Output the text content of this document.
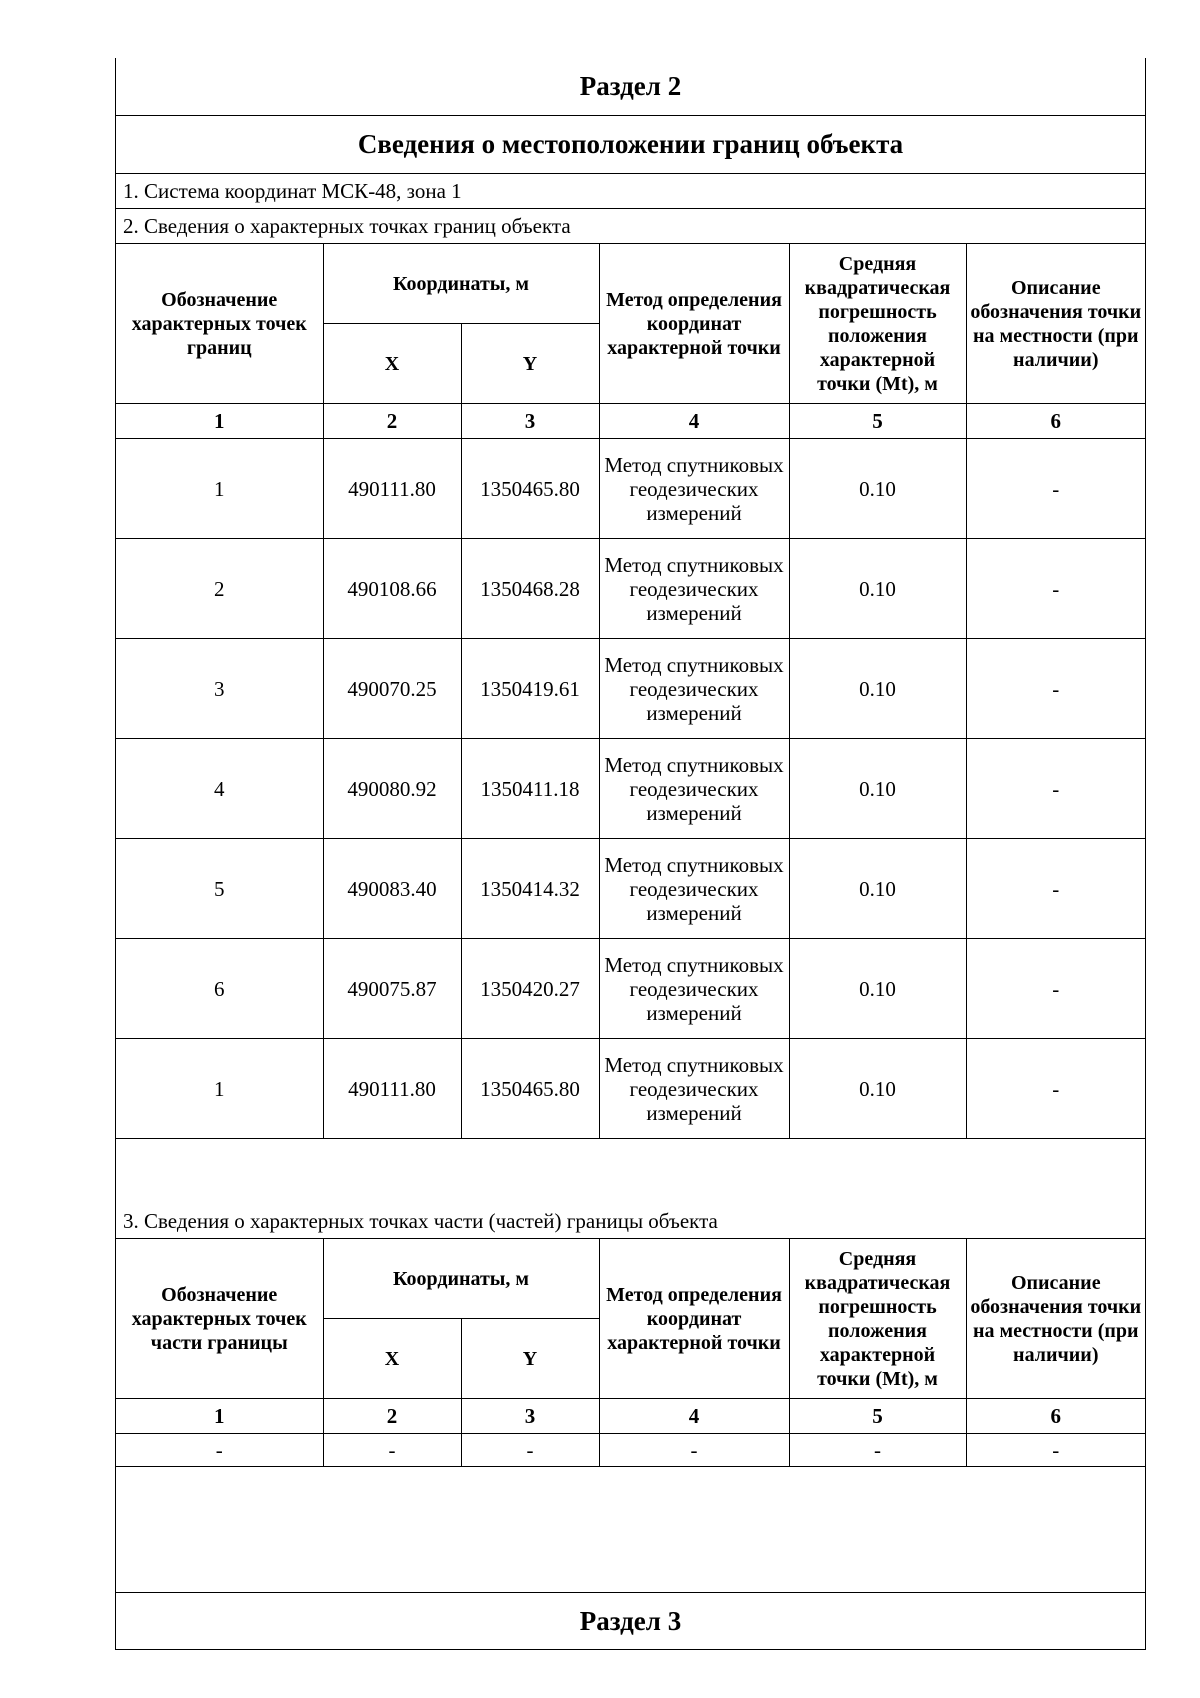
Раздел 2
Сведения о местоположении границ объекта
1. Система координат МСК-48, зона 1
2. Сведения о характерных точках границ объекта
Обозначение характерных точек границ	Координаты, м		Метод определения координат характерной точки	Средняя квадратическая погрешность положения характерной точки (Mt), м	Описание обозначения точки на местности (при наличии)
	X	Y			
1	2	3	4	5	6
1	490111.80	1350465.80	Метод спутниковых геодезических измерений	0.10	-
2	490108.66	1350468.28	Метод спутниковых геодезических измерений	0.10	-
3	490070.25	1350419.61	Метод спутниковых геодезических измерений	0.10	-
4	490080.92	1350411.18	Метод спутниковых геодезических измерений	0.10	-
5	490083.40	1350414.32	Метод спутниковых геодезических измерений	0.10	-
6	490075.87	1350420.27	Метод спутниковых геодезических измерений	0.10	-
1	490111.80	1350465.80	Метод спутниковых геодезических измерений	0.10	-
3. Сведения о характерных точках части (частей) границы объекта
Обозначение характерных точек части границы	Координаты, м		Метод определения координат характерной точки	Средняя квадратическая погрешность положения характерной точки (Mt), м	Описание обозначения точки на местности (при наличии)
	X	Y			
1	2	3	4	5	6
-	-	-	-	-	-
Раздел 3
